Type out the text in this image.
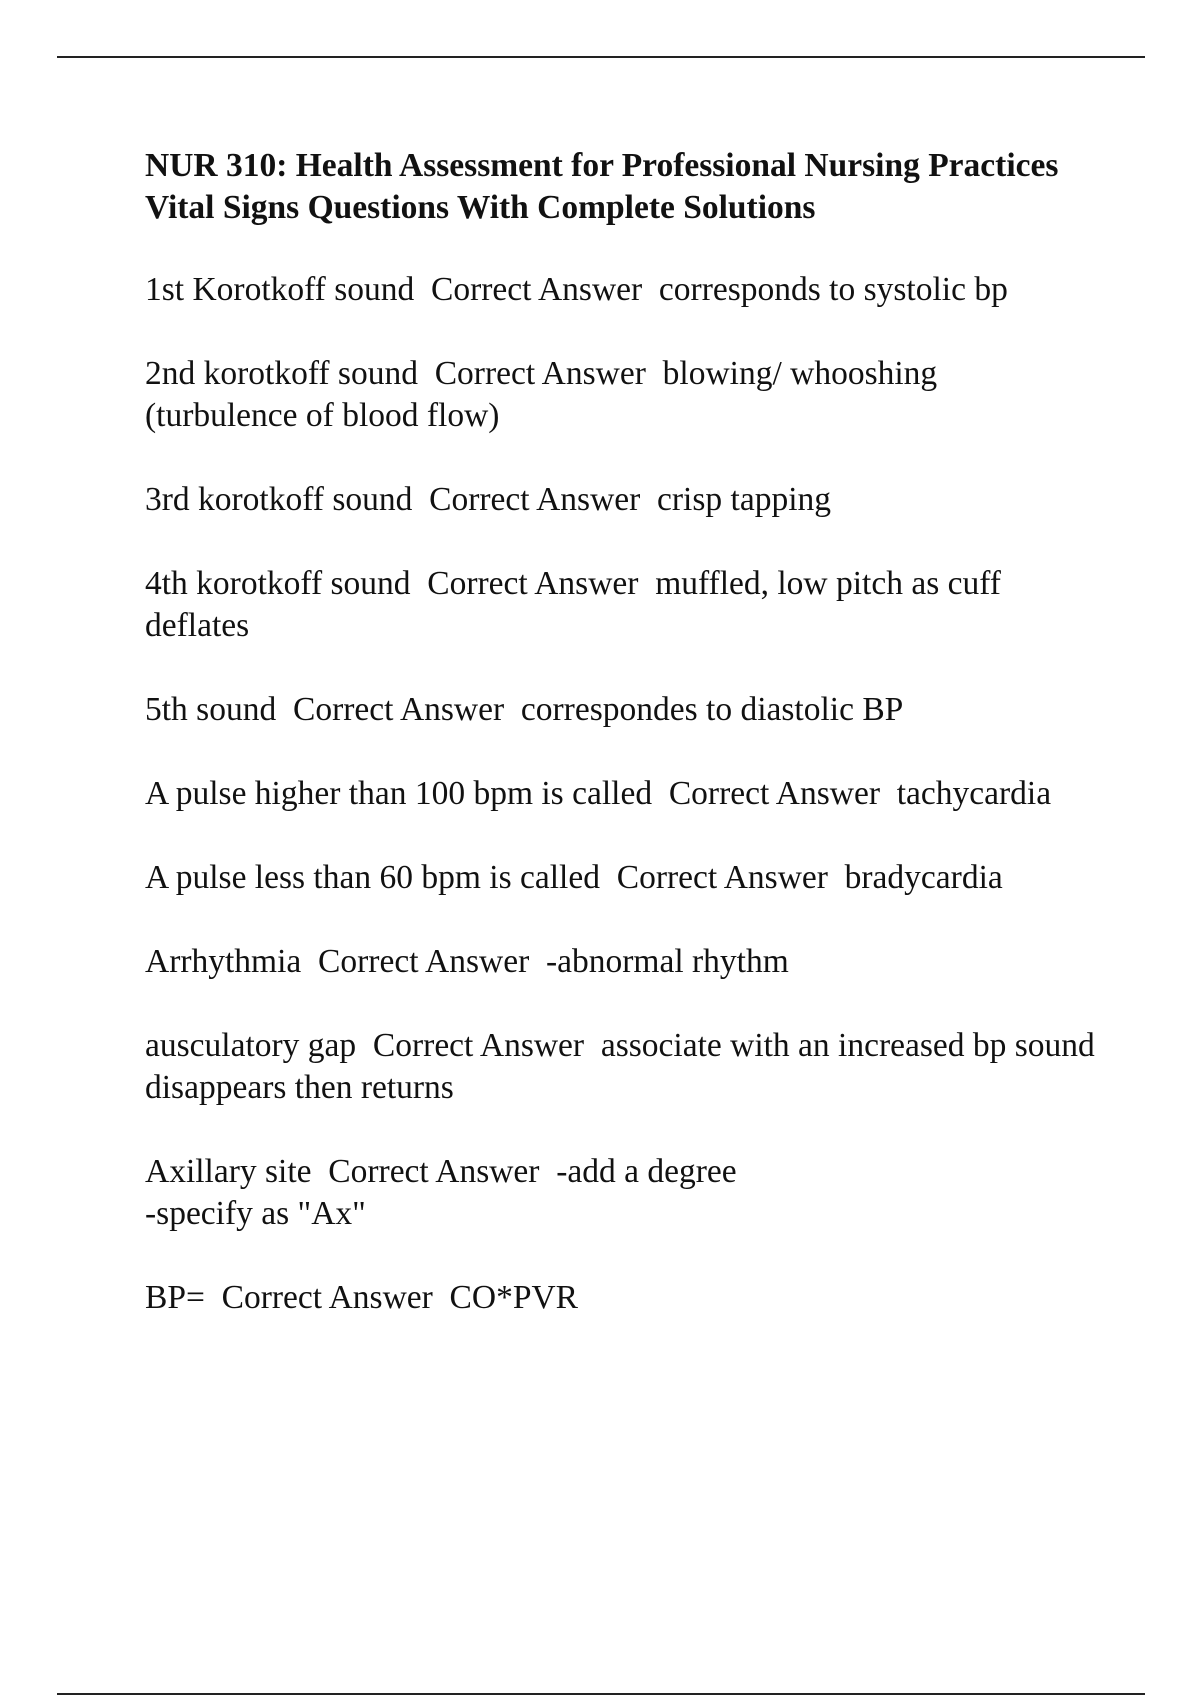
NUR 310: Health Assessment for Professional Nursing Practices Vital Signs Questions With Complete Solutions
1st Korotkoff sound  Correct Answer  corresponds to systolic bp
2nd korotkoff sound  Correct Answer  blowing/ whooshing (turbulence of blood flow)
3rd korotkoff sound  Correct Answer  crisp tapping
4th korotkoff sound  Correct Answer  muffled, low pitch as cuff deflates
5th sound  Correct Answer  correspondes to diastolic BP
A pulse higher than 100 bpm is called  Correct Answer  tachycardia
A pulse less than 60 bpm is called  Correct Answer  bradycardia
Arrhythmia  Correct Answer  -abnormal rhythm
ausculatory gap  Correct Answer  associate with an increased bp sound disappears then returns
Axillary site  Correct Answer  -add a degree
-specify as "Ax"
BP=  Correct Answer  CO*PVR
